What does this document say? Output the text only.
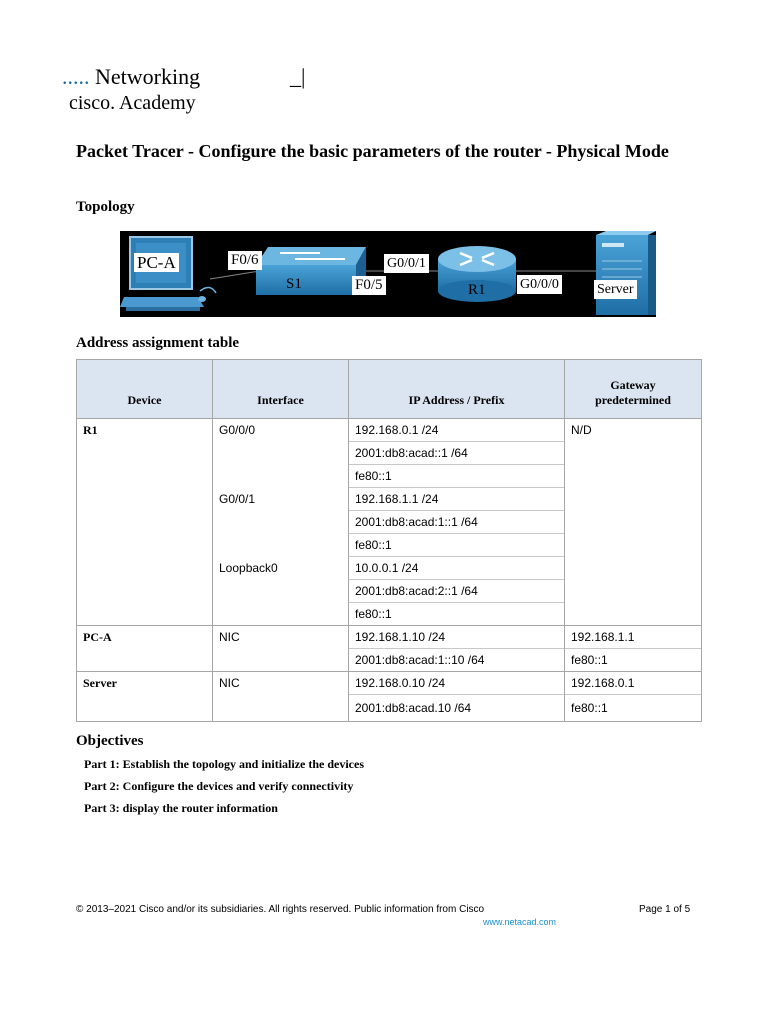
..... Networking	_|
cisco. Academy
Packet Tracer - Configure the basic parameters of the router - Physical Mode
Topology
PC-A	F0/6
S1	F0/5
G0/0/1
R1 G0/0/0	Server
Address assignment table
Device	Interface	IP Address / Prefix	Gateway
predetermined
R1	G0/0/0	192.168.0.1 /24	N/D
		2001:db8:acad::1 /64	
		fe80::1	
	G0/0/1	192.168.1.1 /24	
		2001:db8:acad:1::1 /64	
		fe80::1	
	Loopback0	10.0.0.1 /24	
		2001:db8:acad:2::1 /64	
		fe80::1	
PC-A	NIC	192.168.1.10 /24	192.168.1.1
		2001:db8:acad:1::10 /64	fe80::1
Server	NIC	192.168.0.10 /24	192.168.0.1
		2001:db8:acad.10 /64	fe80::1
Objectives
Part 1: Establish the topology and initialize the devices
Part 2: Configure the devices and verify connectivity
Part 3: display the router information
© 2013–2021 Cisco and/or its subsidiaries. All rights reserved. Public information from Cisco	Page 1 of 5
www.netacad.com
